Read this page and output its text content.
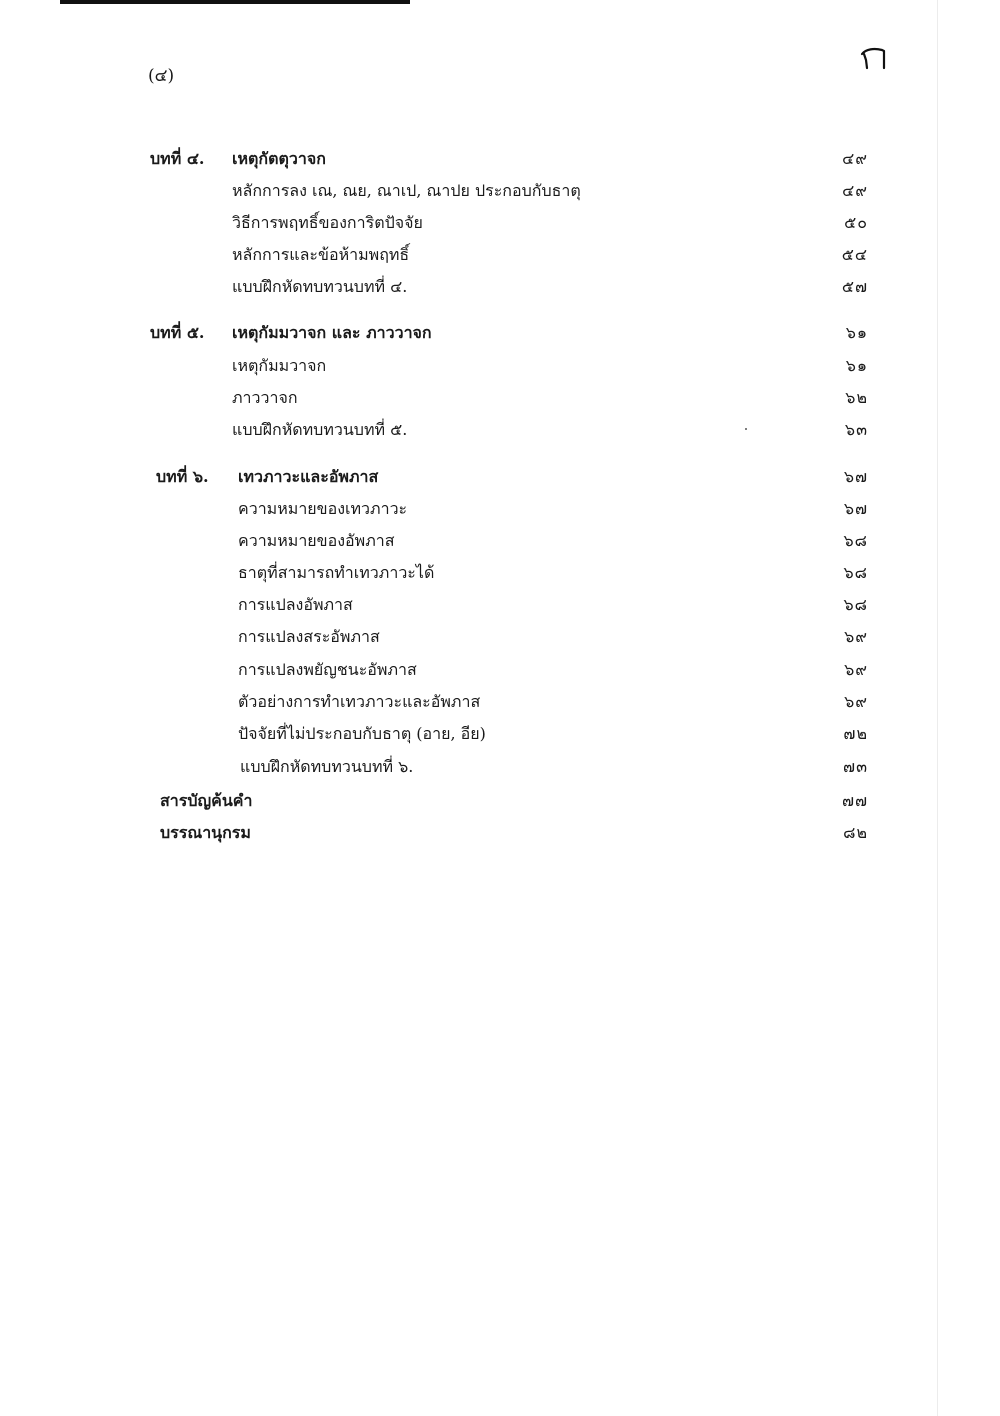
(๔)
บทที่ ๔. เหตุกัตตุวาจก	๔๙
หลักการลง เณ, ณย, ณาเป, ณาปย ประกอบกับธาตุ	๔๙
วิธีการพฤทธิ์ของการิตปัจจัย	๕๐
หลักการและข้อห้ามพฤทธิ์	๕๔
แบบฝึกหัดทบทวนบทที่ ๔.	๕๗
บทที่ ๕. เหตุกัมมวาจก และ ภาววาจก	๖๑
เหตุกัมมวาจก	๖๑
ภาววาจก	๖๒
แบบฝึกหัดทบทวนบทที่ ๕.	๖๓
บทที่ ๖. เทวภาวะและอัพภาส	๖๗
ความหมายของเทวภาวะ	๖๗
ความหมายของอัพภาส	๖๘
ธาตุที่สามารถทำเทวภาวะได้	๖๘
การแปลงอัพภาส	๖๘
การแปลงสระอัพภาส	๖๙
การแปลงพยัญชนะอัพภาส	๖๙
ตัวอย่างการทำเทวภาวะและอัพภาส	๖๙
ปัจจัยที่ไม่ประกอบกับธาตุ (อาย, อีย)	๗๒
แบบฝึกหัดทบทวนบทที่ ๖.	๗๓
สารบัญค้นคำ	๗๗
บรรณานุกรม	๘๒
